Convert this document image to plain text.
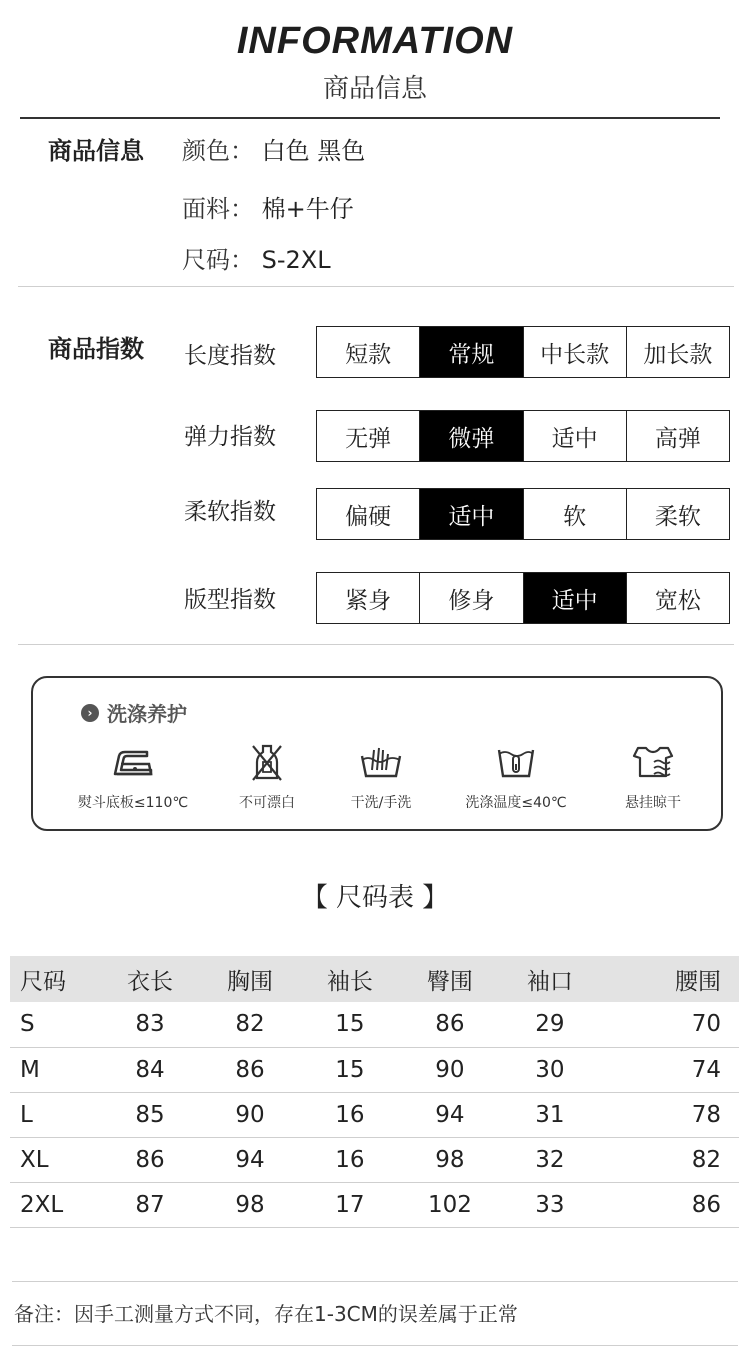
INFORMATION
商品信息
商品信息 颜色： 白色 黑色
面料： 棉+牛仔
尺码： S-2XL
商品指数 长度指数	短款	常规	中长款	加长款
弹力指数	无弹	微弹	适中	高弹
柔软指数	偏硬	适中	软	柔软
版型指数	紧身	修身	适中	宽松
› 洗涤养护
熨斗底板≤110℃	不可漂白	干洗/手洗	洗涤温度≤40℃	悬挂晾干
【 尺码表 】
尺码	衣长	胸围	袖长	臀围	袖口	腰围
S	83	82	15	86	29	70
M	84	86	15	90	30	74
L	85	90	16	94	31	78
XL	86	94	16	98	32	82
2XL	87	98	17	102	33	86
备注：因手工测量方式不同，存在1-3CM的误差属于正常
